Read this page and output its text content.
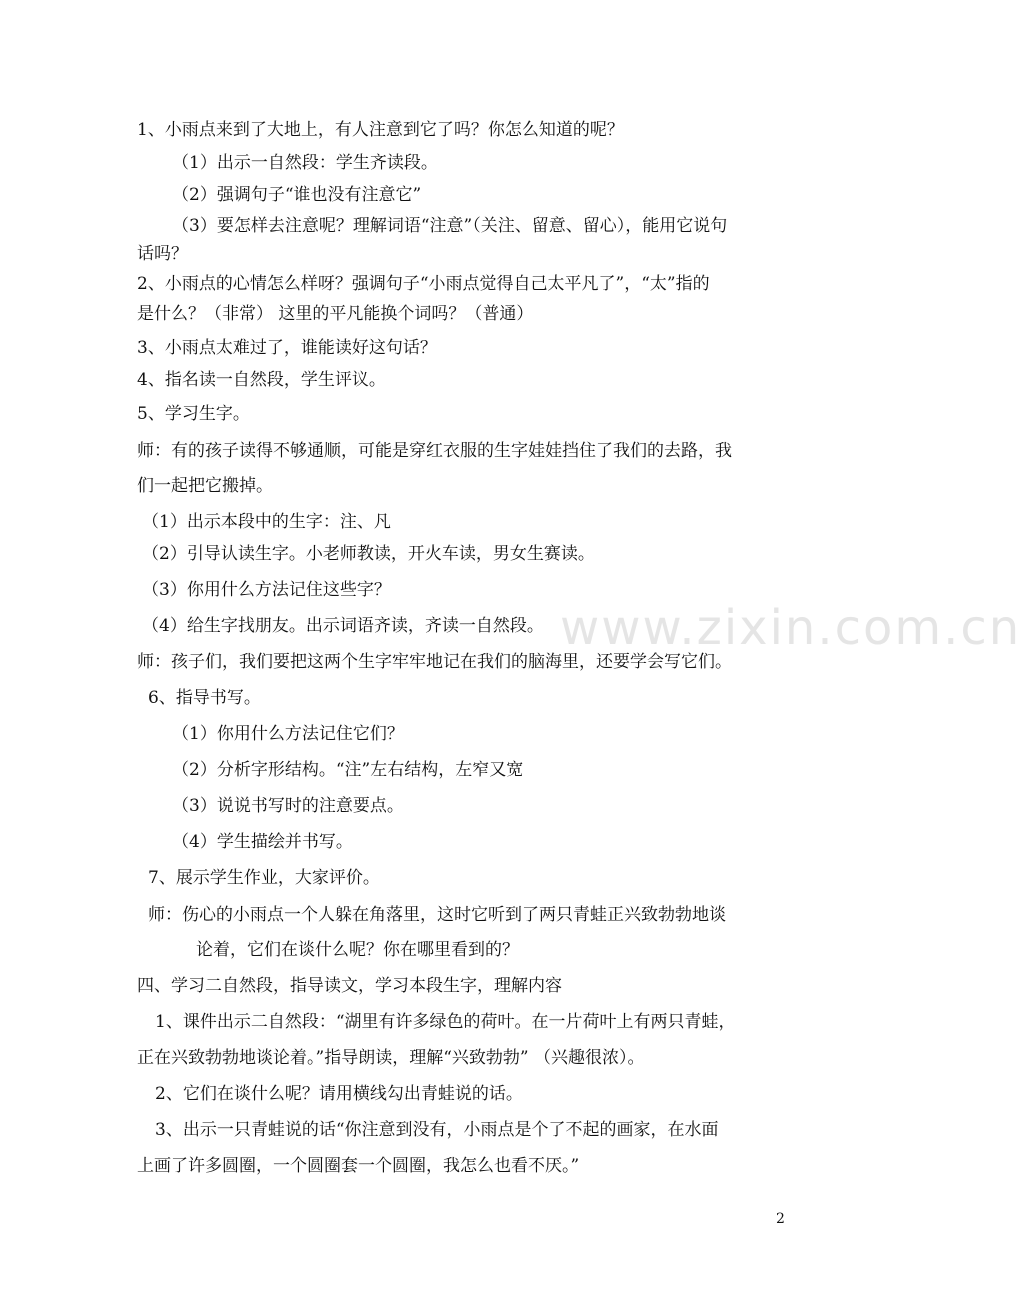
www.zixin.com.cn
1、小雨点来到了大地上，有人注意到它了吗？你怎么知道的呢？
（1）出示一自然段：学生齐读段。
（2）强调句子“谁也没有注意它”
（3）要怎样去注意呢？理解词语“注意”（关注、留意、留心），能用它说句
话吗？
2、小雨点的心情怎么样呀？强调句子“小雨点觉得自己太平凡了”，“太”指的
是什么？（非常） 这里的平凡能换个词吗？（普通）
3、小雨点太难过了，谁能读好这句话？
4、指名读一自然段，学生评议。
5、学习生字。
师：有的孩子读得不够通顺，可能是穿红衣服的生字娃娃挡住了我们的去路，我
们一起把它搬掉。
（1）出示本段中的生字：注、凡
（2）引导认读生字。小老师教读，开火车读，男女生赛读。
（3）你用什么方法记住这些字？
（4）给生字找朋友。出示词语齐读，齐读一自然段。
师：孩子们，我们要把这两个生字牢牢地记在我们的脑海里，还要学会写它们。
6、指导书写。
（1）你用什么方法记住它们？
（2）分析字形结构。“注”左右结构，左窄又宽
（3）说说书写时的注意要点。
（4）学生描绘并书写。
7、展示学生作业，大家评价。
师：伤心的小雨点一个人躲在角落里，这时它听到了两只青蛙正兴致勃勃地谈
论着，它们在谈什么呢？你在哪里看到的？
四、学习二自然段，指导读文，学习本段生字，理解内容
1、课件出示二自然段：“湖里有许多绿色的荷叶。在一片荷叶上有两只青蛙，
正在兴致勃勃地谈论着。”指导朗读，理解“兴致勃勃” （兴趣很浓）。
2、它们在谈什么呢？请用横线勾出青蛙说的话。
3、出示一只青蛙说的话“你注意到没有，小雨点是个了不起的画家，在水面
上画了许多圆圈，一个圆圈套一个圆圈，我怎么也看不厌。”
2
